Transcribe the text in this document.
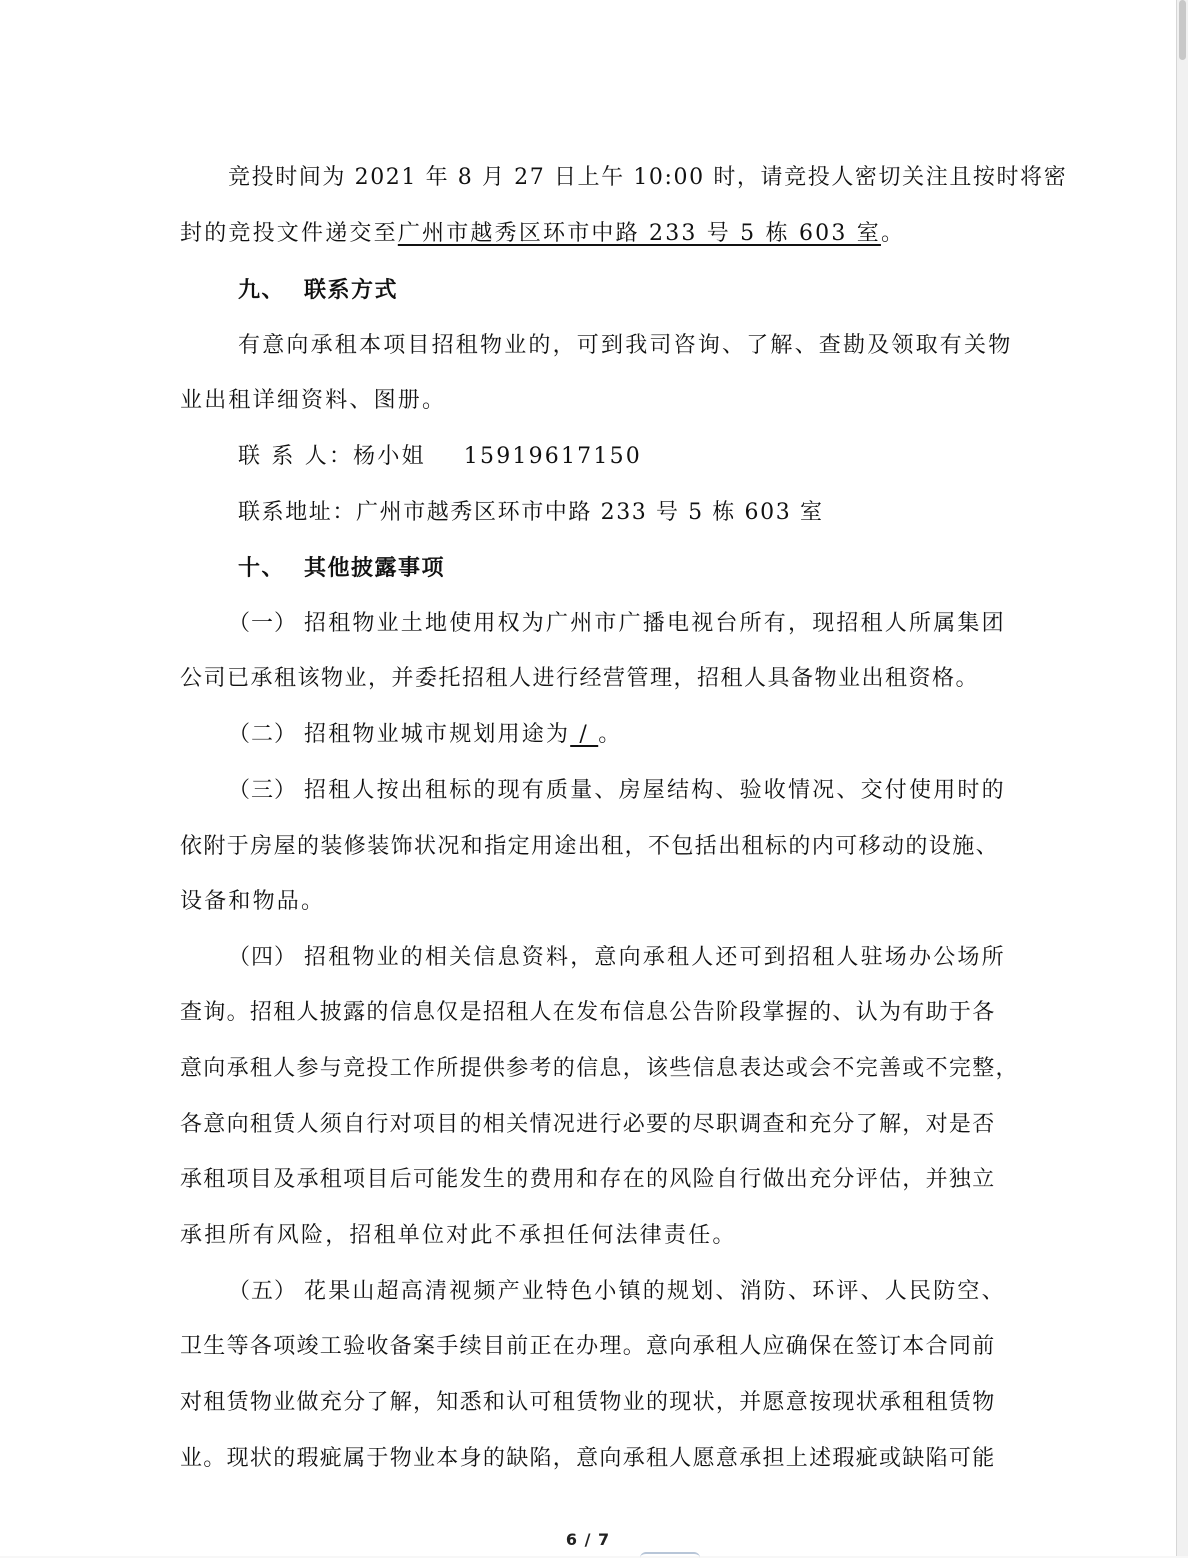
竞投时间为 2021 年 8 月 27 日上午 10:00 时，请竞投人密切关注且按时将密
封的竞投文件递交至广州市越秀区环市中路 233 号 5 栋 603 室。
九、 联系方式
有意向承租本项目招租物业的，可到我司咨询、了解、查勘及领取有关物
业出租详细资料、图册。
联 系 人：杨小姐 15919617150
联系地址：广州市越秀区环市中路 233 号 5 栋 603 室
十、 其他披露事项
（一） 招租物业土地使用权为广州市广播电视台所有，现招租人所属集团
公司已承租该物业，并委托招租人进行经营管理，招租人具备物业出租资格。
（二） 招租物业城市规划用途为 / 。
（三） 招租人按出租标的现有质量、房屋结构、验收情况、交付使用时的
依附于房屋的装修装饰状况和指定用途出租，不包括出租标的内可移动的设施、
设备和物品。
（四） 招租物业的相关信息资料，意向承租人还可到招租人驻场办公场所
查询。招租人披露的信息仅是招租人在发布信息公告阶段掌握的、认为有助于各
意向承租人参与竞投工作所提供参考的信息，该些信息表达或会不完善或不完整，
各意向租赁人须自行对项目的相关情况进行必要的尽职调查和充分了解，对是否
承租项目及承租项目后可能发生的费用和存在的风险自行做出充分评估，并独立
承担所有风险，招租单位对此不承担任何法律责任。
（五） 花果山超高清视频产业特色小镇的规划、消防、环评、人民防空、
卫生等各项竣工验收备案手续目前正在办理。意向承租人应确保在签订本合同前
对租赁物业做充分了解，知悉和认可租赁物业的现状，并愿意按现状承租租赁物
业。现状的瑕疵属于物业本身的缺陷，意向承租人愿意承担上述瑕疵或缺陷可能
6 / 7
